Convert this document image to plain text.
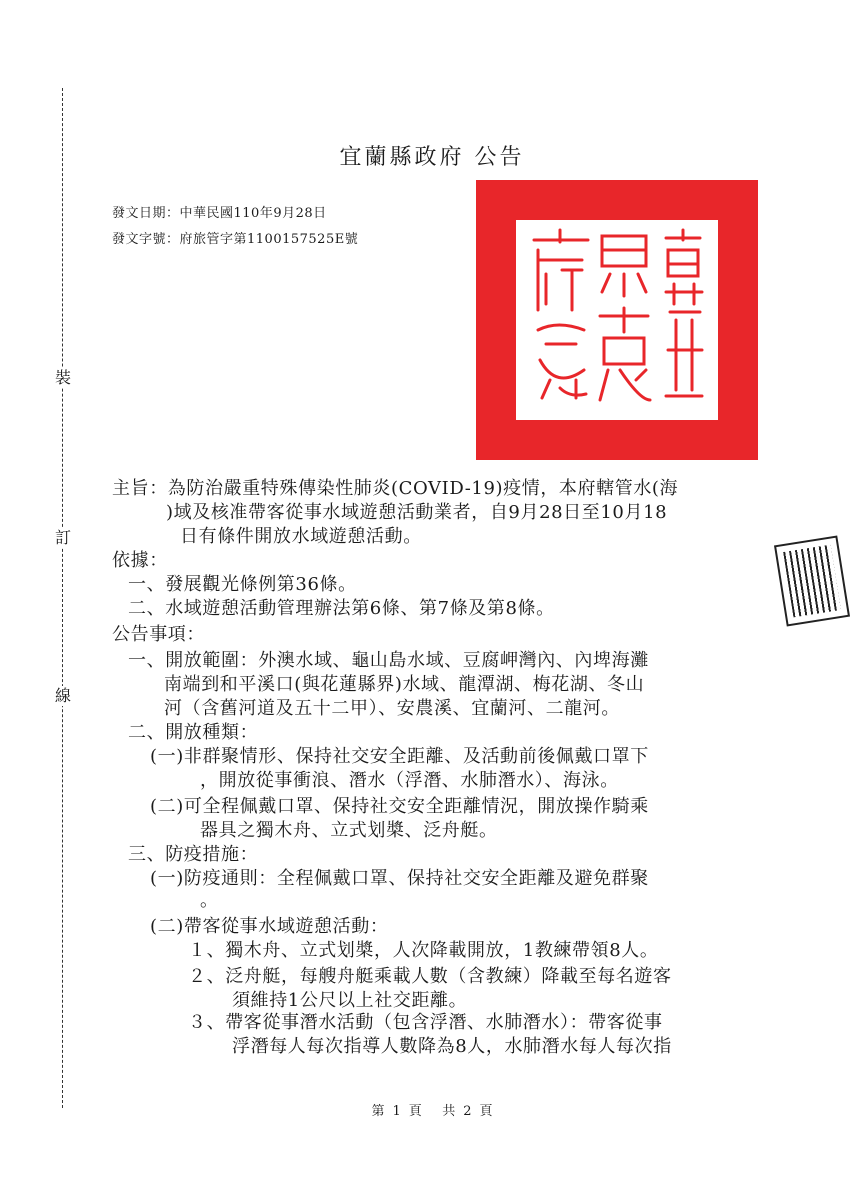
裝
訂
線
宜蘭縣政府 公告
發文日期：中華民國110年9月28日
發文字號：府旅管字第1100157525E號
主旨：為防治嚴重特殊傳染性肺炎(COVID-19)疫情，本府轄管水(海
)域及核准帶客從事水域遊憩活動業者，自9月28日至10月18
日有條件開放水域遊憩活動。
依據：
一、發展觀光條例第36條。
二、水域遊憩活動管理辦法第6條、第7條及第8條。
公告事項：
一、開放範圍：外澳水域、龜山島水域、豆腐岬灣內、內埤海灘
南端到和平溪口(與花蓮縣界)水域、龍潭湖、梅花湖、冬山
河（含舊河道及五十二甲）、安農溪、宜蘭河、二龍河。
二、開放種類：
(一)非群聚情形、保持社交安全距離、及活動前後佩戴口罩下
，開放從事衝浪、潛水（浮潛、水肺潛水）、海泳。
(二)可全程佩戴口罩、保持社交安全距離情況，開放操作騎乘
器具之獨木舟、立式划槳、泛舟艇。
三、防疫措施：
(一)防疫通則：全程佩戴口罩、保持社交安全距離及避免群聚
。
(二)帶客從事水域遊憩活動：
１、獨木舟、立式划槳，人次降載開放，1教練帶領8人。
２、泛舟艇，每艘舟艇乘載人數（含教練）降載至每名遊客
須維持1公尺以上社交距離。
３、帶客從事潛水活動（包含浮潛、水肺潛水）：帶客從事
浮潛每人每次指導人數降為8人，水肺潛水每人每次指
第 1 頁 共 2 頁
